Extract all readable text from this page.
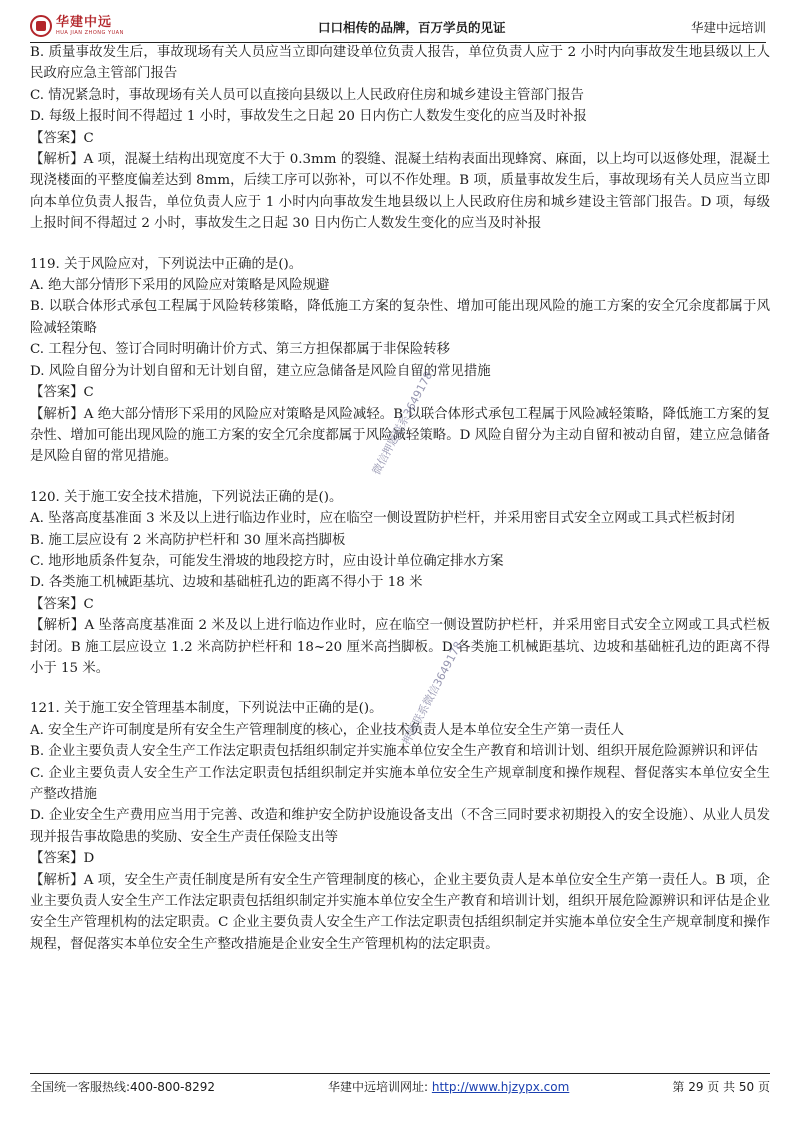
华建中远
HUA JIAN ZHONG YUAN	口口相传的品牌，百万学员的见证	华建中远培训

B. 质量事故发生后，事故现场有关人员应当立即向建设单位负责人报告，单位负责人应于 2 小时内向事故发生地县级以上人民政府应急主管部门报告

C. 情况紧急时，事故现场有关人员可以直接向县级以上人民政府住房和城乡建设主管部门报告

D. 每级上报时间不得超过 1 小时，事故发生之日起 20 日内伤亡人数发生变化的应当及时补报

【答案】C

【解析】A 项，混凝土结构出现宽度不大于 0.3mm 的裂缝、混凝土结构表面出现蜂窝、麻面，以上均可以返修处理，混凝土现浇楼面的平整度偏差达到 8mm，后续工序可以弥补，可以不作处理。B 项，质量事故发生后，事故现场有关人员应当立即向本单位负责人报告，单位负责人应于 1 小时内向事故发生地县级以上人民政府住房和城乡建设主管部门报告。D 项，每级上报时间不得超过 2 小时，事故发生之日起 30 日内伤亡人数发生变化的应当及时补报

119. 关于风险应对，下列说法中正确的是()。

A. 绝大部分情形下采用的风险应对策略是风险规避

B. 以联合体形式承包工程属于风险转移策略，降低施工方案的复杂性、增加可能出现风险的施工方案的安全冗余度都属于风险减轻策略

C. 工程分包、签订合同时明确计价方式、第三方担保都属于非保险转移

D. 风险自留分为计划自留和无计划自留，建立应急储备是风险自留的常见措施

【答案】C

【解析】A 绝大部分情形下采用的风险应对策略是风险减轻。B 以联合体形式承包工程属于风险减轻策略，降低施工方案的复杂性、增加可能出现风险的施工方案的安全冗余度都属于风险减轻策略。D 风险自留分为主动自留和被动自留，建立应急储备是风险自留的常见措施。

120. 关于施工安全技术措施，下列说法正确的是()。

A. 坠落高度基准面 3 米及以上进行临边作业时，应在临空一侧设置防护栏杆，并采用密目式安全立网或工具式栏板封闭

B. 施工层应设有 2 米高防护栏杆和 30 厘米高挡脚板

C. 地形地质条件复杂，可能发生滑坡的地段挖方时，应由设计单位确定排水方案

D. 各类施工机械距基坑、边坡和基础桩孔边的距离不得小于 18 米

【答案】C

【解析】A 坠落高度基准面 2 米及以上进行临边作业时，应在临空一侧设置防护栏杆，并采用密目式安全立网或工具式栏板封闭。B 施工层应设立 1.2 米高防护栏杆和 18~20 厘米高挡脚板。D 各类施工机械距基坑、边坡和基础桩孔边的距离不得小于 15 米。

121. 关于施工安全管理基本制度，下列说法中正确的是()。

A. 安全生产许可制度是所有安全生产管理制度的核心，企业技术负责人是本单位安全生产第一责任人

B. 企业主要负责人安全生产工作法定职责包括组织制定并实施本单位安全生产教育和培训计划、组织开展危险源辨识和评估

C. 企业主要负责人安全生产工作法定职责包括组织制定并实施本单位安全生产规章制度和操作规程、督促落实本单位安全生产整改措施

D. 企业安全生产费用应当用于完善、改造和维护安全防护设施设备支出（不含三同时要求初期投入的安全设施）、从业人员发现并报告事故隐患的奖励、安全生产责任保险支出等

【答案】D

【解析】A 项，安全生产责任制度是所有安全生产管理制度的核心，企业主要负责人是本单位安全生产第一责任人。B 项，企业主要负责人安全生产工作法定职责包括组织制定并实施本单位安全生产教育和培训计划，组织开展危险源辨识和评估是企业安全生产管理机构的法定职责。C 企业主要负责人安全生产工作法定职责包括组织制定并实施本单位安全生产规章制度和操作规程，督促落实本单位安全生产整改措施是企业安全生产管理机构的法定职责。

微信押题联系3649178
押题联系微信3649178
全国统一客服热线:400-800-8292	华建中远培训网址: http://www.hjzypx.com	第 29 页 共 50 页
